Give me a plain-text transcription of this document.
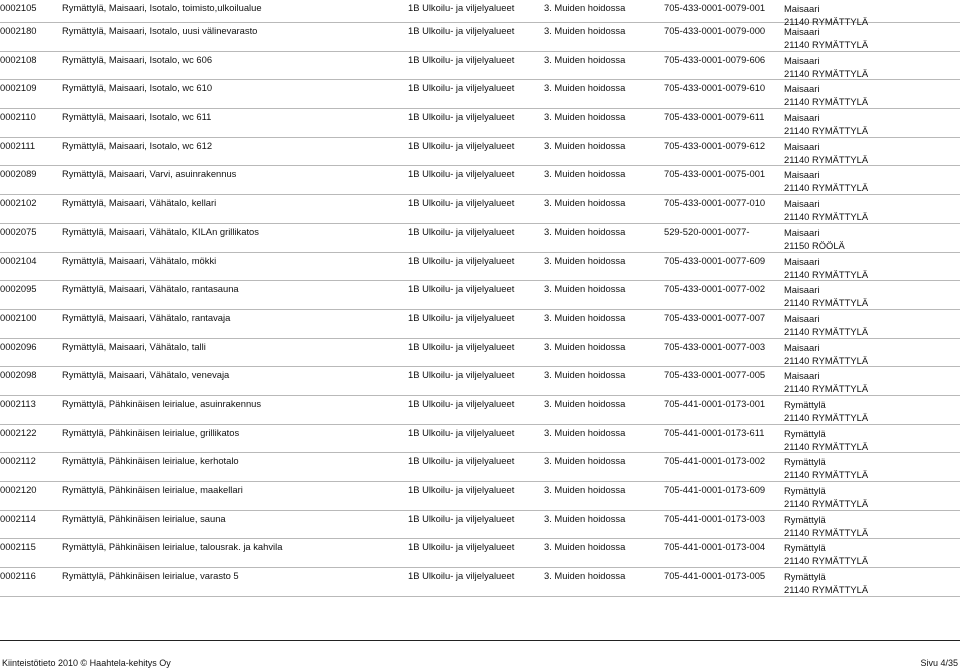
0002105	Rymättylä, Maisaari, Isotalo, toimisto,ulkoilualue	1B Ulkoilu- ja viljelyalueet	3. Muiden hoidossa	705-433-0001-0079-001 Maisaari
21140 RYMÄTTYLÄ
0002180	Rymättylä, Maisaari, Isotalo, uusi välinevarasto	1B Ulkoilu- ja viljelyalueet	3. Muiden hoidossa	705-433-0001-0079-000 Maisaari
21140 RYMÄTTYLÄ
0002108	Rymättylä, Maisaari, Isotalo, wc 606	1B Ulkoilu- ja viljelyalueet	3. Muiden hoidossa	705-433-0001-0079-606 Maisaari
21140 RYMÄTTYLÄ
0002109	Rymättylä, Maisaari, Isotalo, wc 610	1B Ulkoilu- ja viljelyalueet	3. Muiden hoidossa	705-433-0001-0079-610 Maisaari
21140 RYMÄTTYLÄ
0002110	Rymättylä, Maisaari, Isotalo, wc 611	1B Ulkoilu- ja viljelyalueet	3. Muiden hoidossa	705-433-0001-0079-611 Maisaari
21140 RYMÄTTYLÄ
0002111	Rymättylä, Maisaari, Isotalo, wc 612	1B Ulkoilu- ja viljelyalueet	3. Muiden hoidossa	705-433-0001-0079-612 Maisaari
21140 RYMÄTTYLÄ
0002089	Rymättylä, Maisaari, Varvi, asuinrakennus	1B Ulkoilu- ja viljelyalueet	3. Muiden hoidossa	705-433-0001-0075-001 Maisaari
21140 RYMÄTTYLÄ
0002102	Rymättylä, Maisaari, Vähätalo, kellari	1B Ulkoilu- ja viljelyalueet	3. Muiden hoidossa	705-433-0001-0077-010 Maisaari
21140 RYMÄTTYLÄ
0002075	Rymättylä, Maisaari, Vähätalo, KILAn grillikatos	1B Ulkoilu- ja viljelyalueet	3. Muiden hoidossa	529-520-0001-0077-	Maisaari
21150 RÖÖLÄ
0002104	Rymättylä, Maisaari, Vähätalo, mökki	1B Ulkoilu- ja viljelyalueet	3. Muiden hoidossa	705-433-0001-0077-609 Maisaari
21140 RYMÄTTYLÄ
0002095	Rymättylä, Maisaari, Vähätalo, rantasauna	1B Ulkoilu- ja viljelyalueet	3. Muiden hoidossa	705-433-0001-0077-002 Maisaari
21140 RYMÄTTYLÄ
0002100	Rymättylä, Maisaari, Vähätalo, rantavaja	1B Ulkoilu- ja viljelyalueet	3. Muiden hoidossa	705-433-0001-0077-007 Maisaari
21140 RYMÄTTYLÄ
0002096	Rymättylä, Maisaari, Vähätalo, talli	1B Ulkoilu- ja viljelyalueet	3. Muiden hoidossa	705-433-0001-0077-003 Maisaari
21140 RYMÄTTYLÄ
0002098	Rymättylä, Maisaari, Vähätalo, venevaja	1B Ulkoilu- ja viljelyalueet	3. Muiden hoidossa	705-433-0001-0077-005 Maisaari
21140 RYMÄTTYLÄ
0002113	Rymättylä, Pähkinäisen leirialue, asuinrakennus	1B Ulkoilu- ja viljelyalueet	3. Muiden hoidossa	705-441-0001-0173-001 Rymättylä
21140 RYMÄTTYLÄ
0002122	Rymättylä, Pähkinäisen leirialue, grillikatos	1B Ulkoilu- ja viljelyalueet	3. Muiden hoidossa	705-441-0001-0173-611 Rymättylä
21140 RYMÄTTYLÄ
0002112	Rymättylä, Pähkinäisen leirialue, kerhotalo	1B Ulkoilu- ja viljelyalueet	3. Muiden hoidossa	705-441-0001-0173-002 Rymättylä
21140 RYMÄTTYLÄ
0002120	Rymättylä, Pähkinäisen leirialue, maakellari	1B Ulkoilu- ja viljelyalueet	3. Muiden hoidossa	705-441-0001-0173-609 Rymättylä
21140 RYMÄTTYLÄ
0002114	Rymättylä, Pähkinäisen leirialue, sauna	1B Ulkoilu- ja viljelyalueet	3. Muiden hoidossa	705-441-0001-0173-003 Rymättylä
21140 RYMÄTTYLÄ
0002115	Rymättylä, Pähkinäisen leirialue, talousrak. ja kahvila	1B Ulkoilu- ja viljelyalueet	3. Muiden hoidossa	705-441-0001-0173-004 Rymättylä
21140 RYMÄTTYLÄ
0002116	Rymättylä, Pähkinäisen leirialue, varasto 5	1B Ulkoilu- ja viljelyalueet	3. Muiden hoidossa	705-441-0001-0173-005 Rymättylä
21140 RYMÄTTYLÄ
Kiinteistötieto 2010 © Haahtela-kehitys Oy	Sivu 4/35
